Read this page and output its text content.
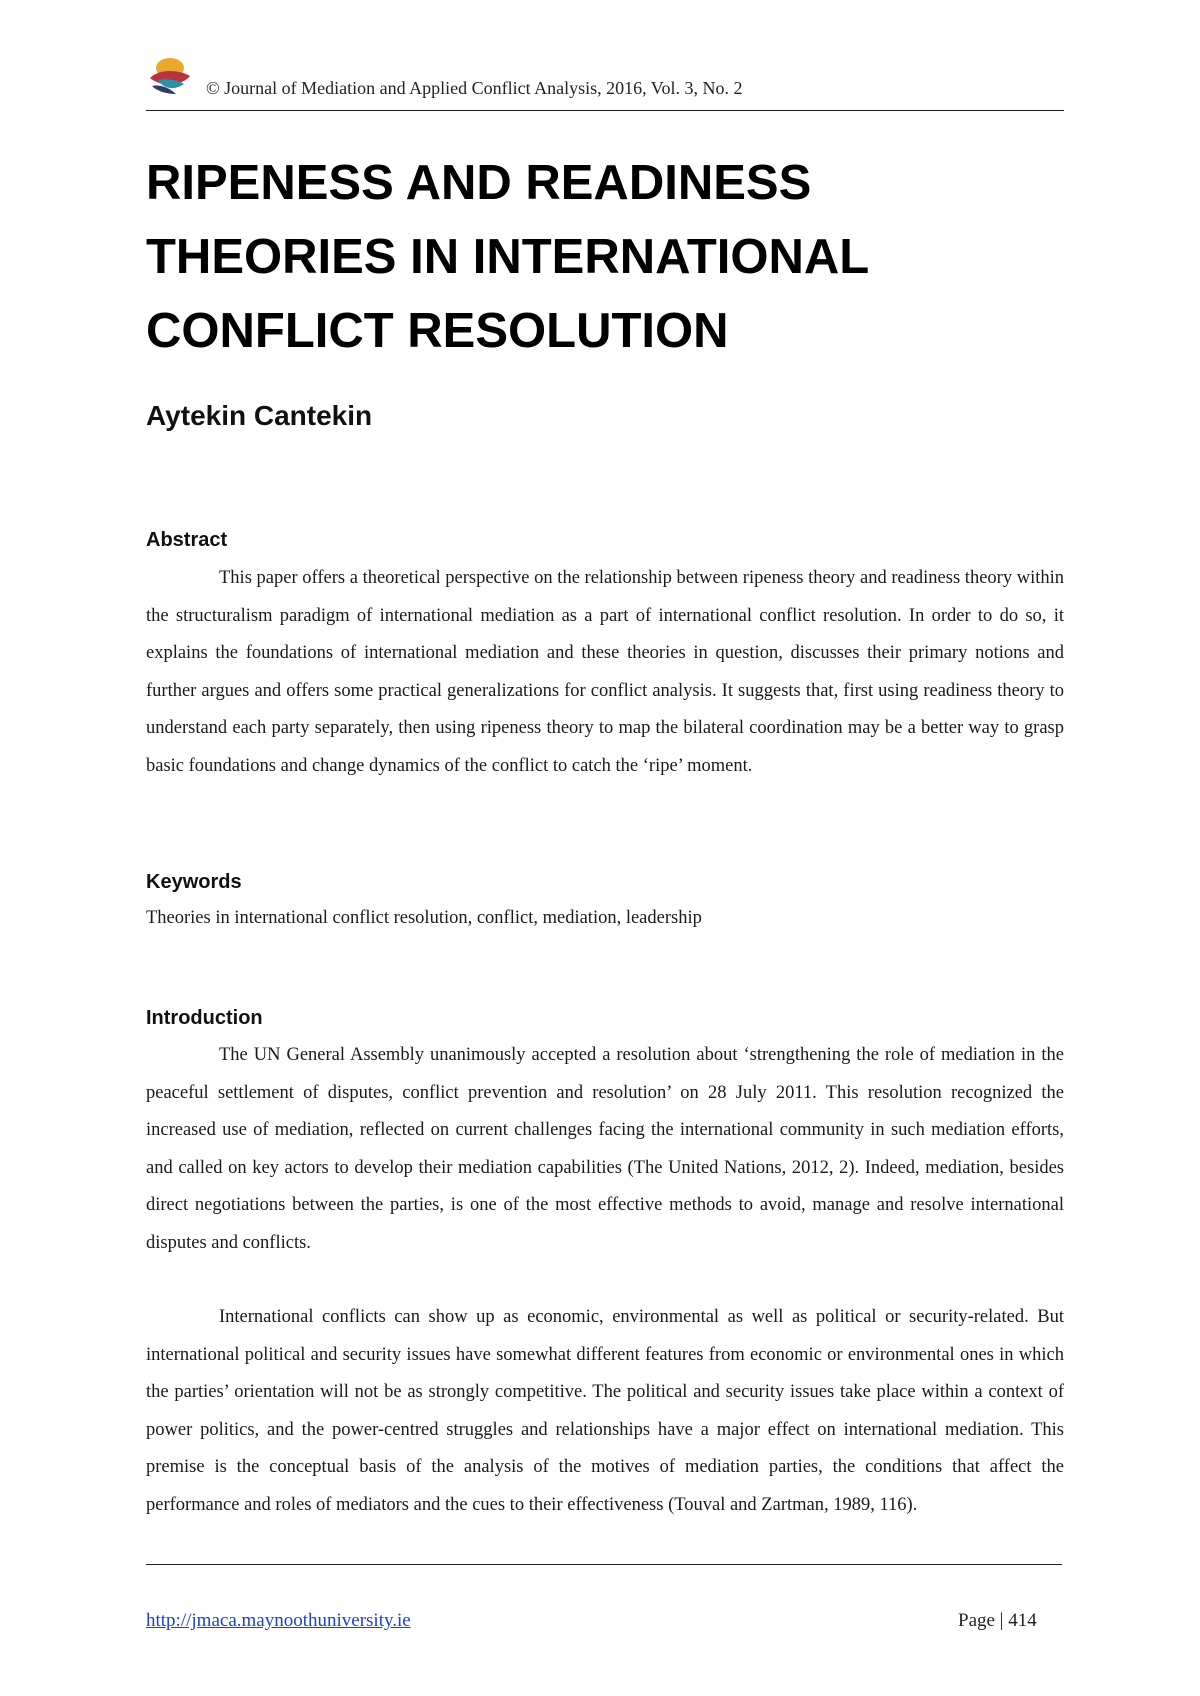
© Journal of Mediation and Applied Conflict Analysis, 2016, Vol. 3, No. 2
RIPENESS AND READINESS
THEORIES IN INTERNATIONAL
CONFLICT RESOLUTION
Aytekin Cantekin
Abstract

This paper offers a theoretical perspective on the relationship between ripeness theory and readiness theory within the structuralism paradigm of international mediation as a part of international conflict resolution. In order to do so, it explains the foundations of international mediation and these theories in question, discusses their primary notions and further argues and offers some practical generalizations for conflict analysis. It suggests that, first using readiness theory to understand each party separately, then using ripeness theory to map the bilateral coordination may be a better way to grasp basic foundations and change dynamics of the conflict to catch the ‘ripe’ moment.

Keywords

Theories in international conflict resolution, conflict, mediation, leadership

Introduction

The UN General Assembly unanimously accepted a resolution about ‘strengthening the role of mediation in the peaceful settlement of disputes, conflict prevention and resolution’ on 28 July 2011. This resolution recognized the increased use of mediation, reflected on current challenges facing the international community in such mediation efforts, and called on key actors to develop their mediation capabilities (The United Nations, 2012, 2). Indeed, mediation, besides direct negotiations between the parties, is one of the most effective methods to avoid, manage and resolve international disputes and conflicts.

International conflicts can show up as economic, environmental as well as political or security-related. But international political and security issues have somewhat different features from economic or environmental ones in which the parties’ orientation will not be as strongly competitive. The political and security issues take place within a context of power politics, and the power-centred struggles and relationships have a major effect on international mediation. This premise is the conceptual basis of the analysis of the motives of mediation parties, the conditions that affect the performance and roles of mediators and the cues to their effectiveness (Touval and Zartman, 1989, 116).

http://jmaca.maynoothuniversity.ie	Page | 414
